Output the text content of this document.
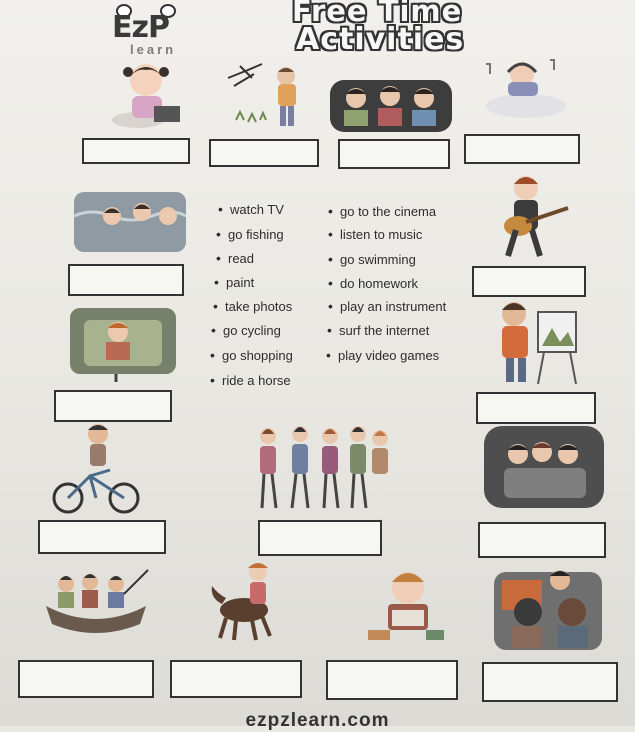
EzP
learn
Free Time
Activities
• watch TV	• go to the cinema
• go fishing	• listen to music
• read	• go swimming
• paint	• do homework
• take photos	• play an instrument
• go cycling	• surf the internet
• go shopping	• play video games
• ride a horse
ezpzlearn.com
